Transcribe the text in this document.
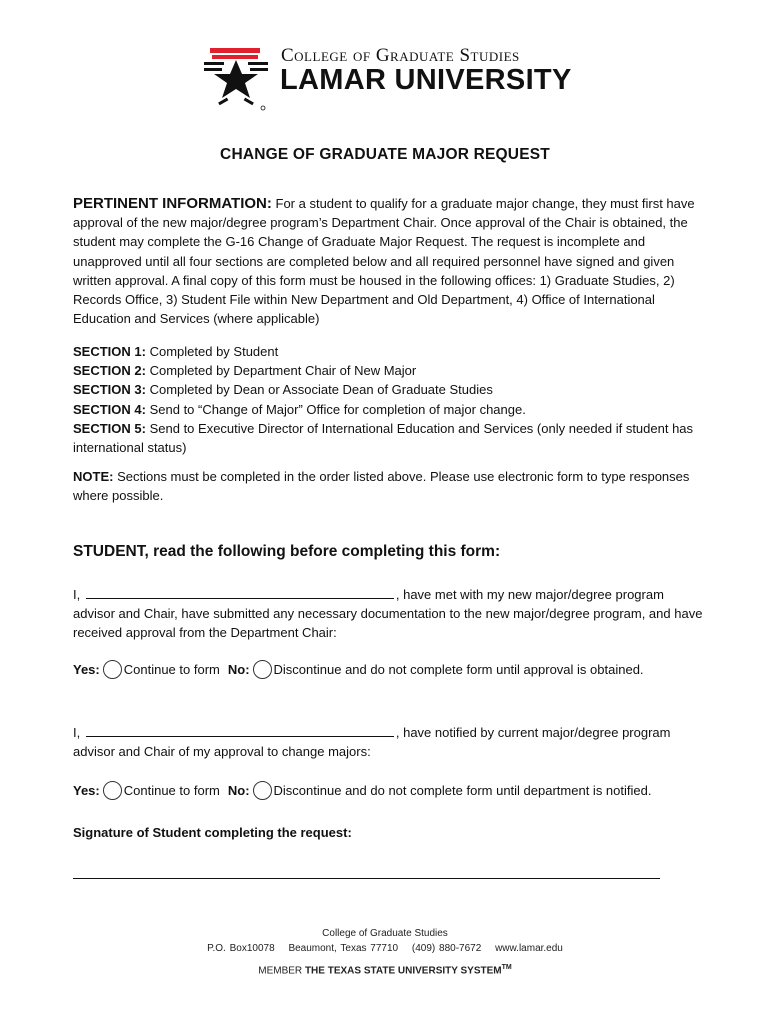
College of Graduate Studies
LAMAR UNIVERSITY
CHANGE OF GRADUATE MAJOR REQUEST
PERTINENT INFORMATION: For a student to qualify for a graduate major change, they must first have approval of the new major/degree program’s Department Chair. Once approval of the Chair is obtained, the student may complete the G-16 Change of Graduate Major Request. The request is incomplete and unapproved until all four sections are completed below and all required personnel have signed and given written approval. A final copy of this form must be housed in the following offices: 1) Graduate Studies, 2) Records Office, 3) Student File within New Department and Old Department, 4) Office of International Education and Services (where applicable)
SECTION 1: Completed by Student
SECTION 2: Completed by Department Chair of New Major
SECTION 3: Completed by Dean or Associate Dean of Graduate Studies
SECTION 4: Send to “Change of Major” Office for completion of major change.
SECTION 5: Send to Executive Director of International Education and Services (only needed if student has international status)
NOTE: Sections must be completed in the order listed above. Please use electronic form to type responses where possible.
STUDENT, read the following before completing this form:
I,	, have met with my new major/degree program advisor and Chair, have submitted any necessary documentation to the new major/degree program, and have received approval from the Department Chair:
Yes: Continue to form No: Discontinue and do not complete form until approval is obtained.
I,	, have notified by current major/degree program advisor and Chair of my approval to change majors:
Yes: Continue to form No: Discontinue and do not complete form until department is notified.
Signature of Student completing the request:
College of Graduate Studies
P.O. Box10078 Beaumont, Texas 77710 (409) 880-7672 www.lamar.edu
MEMBER THE TEXAS STATE UNIVERSITY SYSTEM™
